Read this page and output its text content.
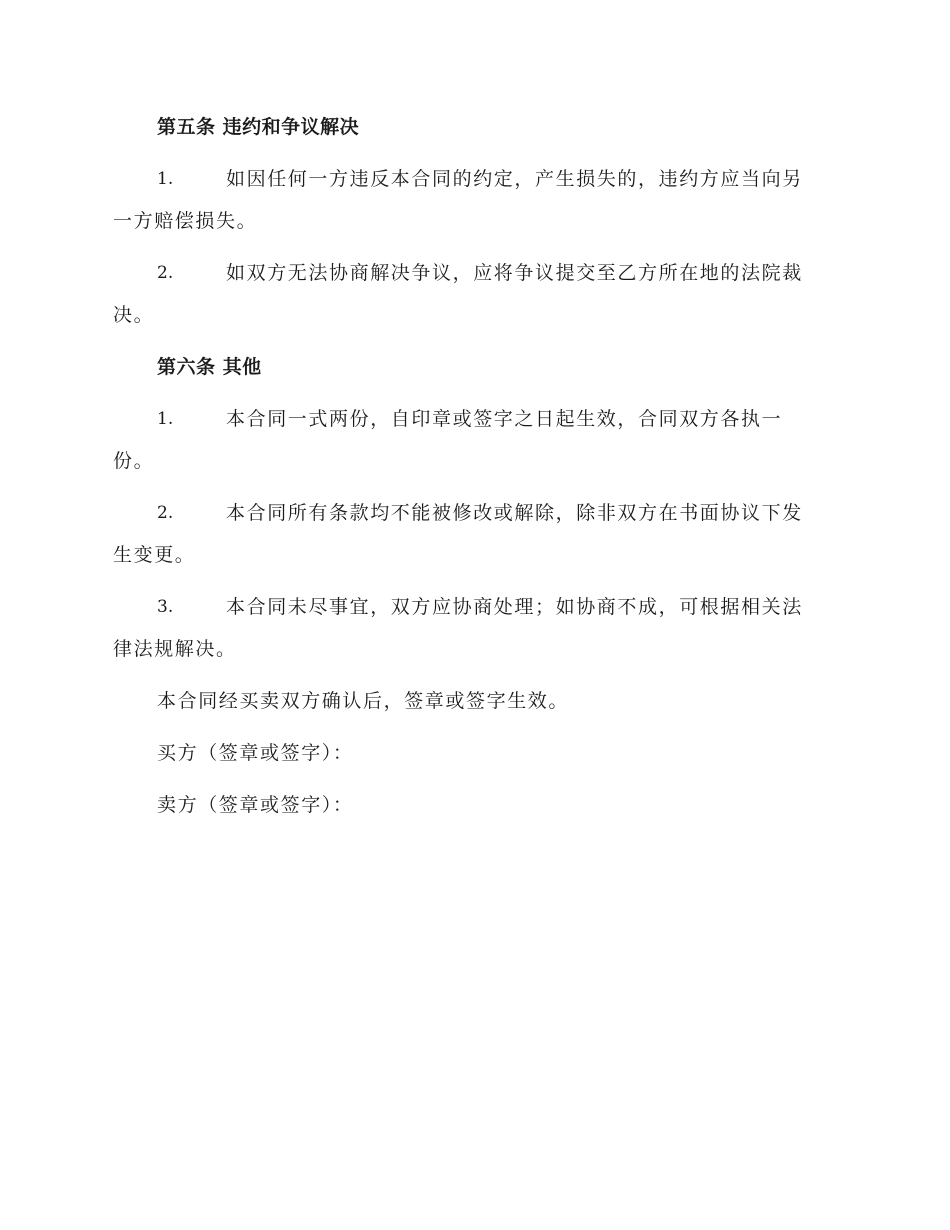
第五条 违约和争议解决
1.	如因任何一方违反本合同的约定，产生损失的，违约方应当向另
一方赔偿损失。
2.	如双方无法协商解决争议，应将争议提交至乙方所在地的法院裁
决。
第六条 其他
1.	本合同一式两份，自印章或签字之日起生效，合同双方各执一
份。
2.	本合同所有条款均不能被修改或解除，除非双方在书面协议下发
生变更。
3.	本合同未尽事宜，双方应协商处理；如协商不成，可根据相关法
律法规解决。
本合同经买卖双方确认后，签章或签字生效。
买方（签章或签字）：
卖方（签章或签字）：
